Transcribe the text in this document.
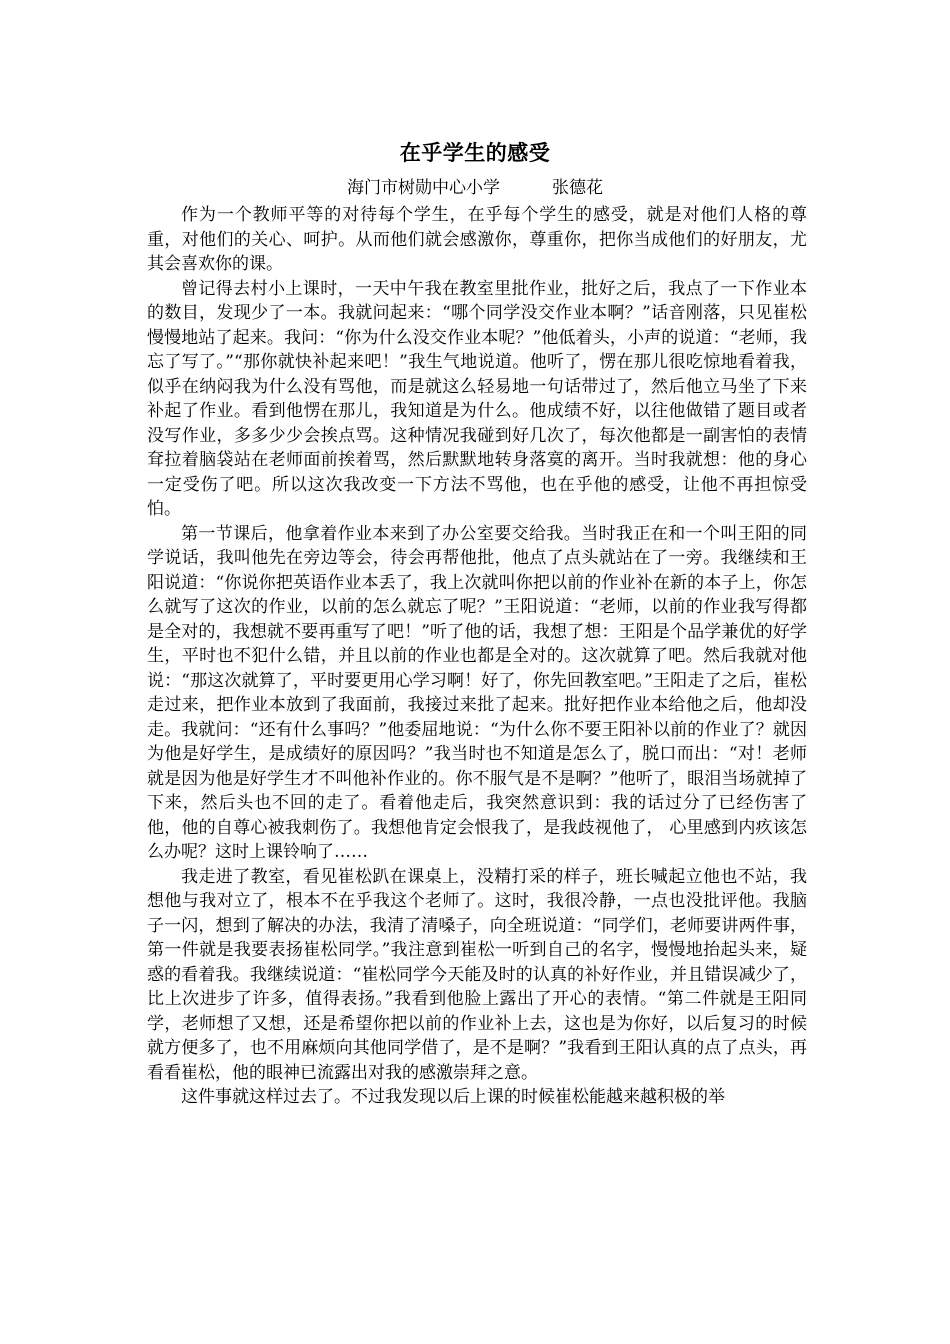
在乎学生的感受
海门市树勋中心小学	张德花

作为一个教师平等的对待每个学生，在乎每个学生的感受，就是对他们人格的尊重，对他们的关心、呵护。从而他们就会感激你，尊重你，把你当成他们的好朋友，尤其会喜欢你的课。

曾记得去村小上课时，一天中午我在教室里批作业，批好之后，我点了一下作业本的数目，发现少了一本。我就问起来：“哪个同学没交作业本啊？”话音刚落，只见崔松慢慢地站了起来。我问：“你为什么没交作业本呢？”他低着头，小声的说道：“老师，我忘了写了。”“那你就快补起来吧！”我生气地说道。他听了，愣在那儿很吃惊地看着我，似乎在纳闷我为什么没有骂他，而是就这么轻易地一句话带过了，然后他立马坐了下来补起了作业。看到他愣在那儿，我知道是为什么。他成绩不好，以往他做错了题目或者没写作业，多多少少会挨点骂。这种情况我碰到好几次了，每次他都是一副害怕的表情耷拉着脑袋站在老师面前挨着骂，然后默默地转身落寞的离开。当时我就想：他的身心一定受伤了吧。所以这次我改变一下方法不骂他，也在乎他的感受，让他不再担惊受怕。

第一节课后，他拿着作业本来到了办公室要交给我。当时我正在和一个叫王阳的同学说话，我叫他先在旁边等会，待会再帮他批，他点了点头就站在了一旁。我继续和王阳说道：“你说你把英语作业本丢了，我上次就叫你把以前的作业补在新的本子上，你怎么就写了这次的作业，以前的怎么就忘了呢？”王阳说道：“老师，以前的作业我写得都是全对的，我想就不要再重写了吧！”听了他的话，我想了想：王阳是个品学兼优的好学生，平时也不犯什么错，并且以前的作业也都是全对的。这次就算了吧。然后我就对他说：“那这次就算了，平时要更用心学习啊！好了，你先回教室吧。”王阳走了之后，崔松走过来，把作业本放到了我面前，我接过来批了起来。批好把作业本给他之后，他却没走。我就问：“还有什么事吗？”他委屈地说：“为什么你不要王阳补以前的作业了？就因为他是好学生，是成绩好的原因吗？”我当时也不知道是怎么了，脱口而出：“对！老师就是因为他是好学生才不叫他补作业的。你不服气是不是啊？”他听了，眼泪当场就掉了下来，然后头也不回的走了。看着他走后，我突然意识到：我的话过分了已经伤害了他，他的自尊心被我刺伤了。我想他肯定会恨我了，是我歧视他了， 心里感到内疚该怎么办呢？这时上课铃响了……

我走进了教室，看见崔松趴在课桌上，没精打采的样子，班长喊起立他也不站，我想他与我对立了，根本不在乎我这个老师了。这时，我很冷静，一点也没批评他。我脑子一闪，想到了解决的办法，我清了清嗓子，向全班说道：“同学们，老师要讲两件事，第一件就是我要表扬崔松同学。”我注意到崔松一听到自己的名字，慢慢地抬起头来，疑惑的看着我。我继续说道：“崔松同学今天能及时的认真的补好作业，并且错误减少了，比上次进步了许多，值得表扬。”我看到他脸上露出了开心的表情。“第二件就是王阳同学，老师想了又想，还是希望你把以前的作业补上去，这也是为你好，以后复习的时候就方便多了，也不用麻烦向其他同学借了，是不是啊？”我看到王阳认真的点了点头，再看看崔松，他的眼神已流露出对我的感激崇拜之意。

这件事就这样过去了。不过我发现以后上课的时候崔松能越来越积极的举
